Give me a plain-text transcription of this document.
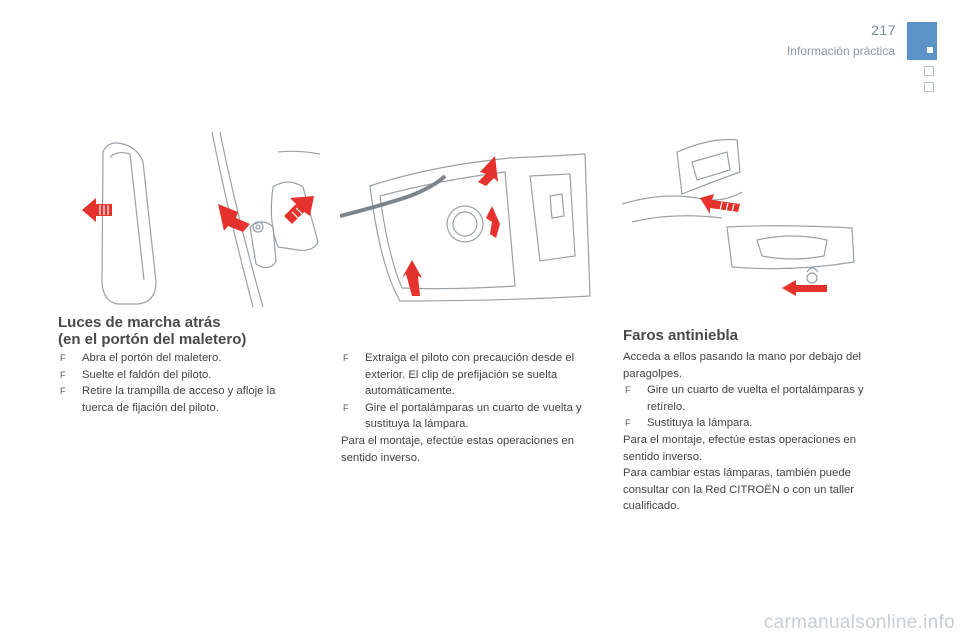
217
Información práctica
Luces de marcha atrás
(en el portón del maletero)
F Abra el portón del maletero.
F Suelte el faldón del piloto.
F Retire la trampilla de acceso y afloje la tuerca de fijación del piloto.
F Extraiga el piloto con precaución desde el exterior. El clip de prefijación se suelta automáticamente.
F Gire el portalámparas un cuarto de vuelta y sustituya la lámpara.

Para el montaje, efectúe estas operaciones en sentido inverso.

Faros antiniebla

Acceda a ellos pasando la mano por debajo del paragolpes.

F Gire un cuarto de vuelta el portalámparas y retírelo.
F Sustituya la lámpara.

Para el montaje, efectúe estas operaciones en sentido inverso.

Para cambiar estas lámparas, también puede consultar con la Red CITROËN o con un taller cualificado.

carmanualsonline.info
